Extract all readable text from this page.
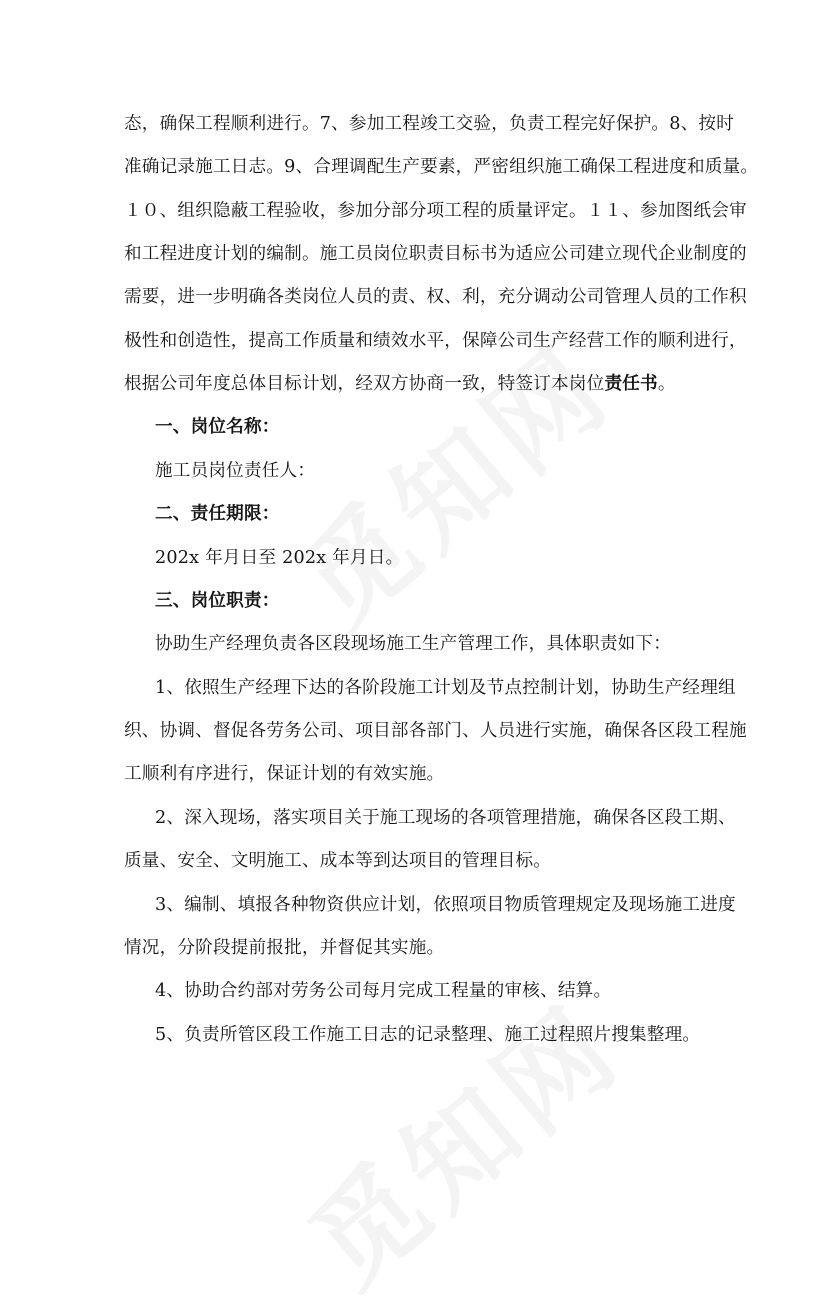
态，确保工程顺利进行。7、参加工程竣工交验，负责工程完好保护。8、按时
准确记录施工日志。9、合理调配生产要素，严密组织施工确保工程进度和质量。
１０、组织隐蔽工程验收，参加分部分项工程的质量评定。１１、参加图纸会审
和工程进度计划的编制。施工员岗位职责目标书为适应公司建立现代企业制度的
需要，进一步明确各类岗位人员的责、权、利，充分调动公司管理人员的工作积
极性和创造性，提高工作质量和绩效水平，保障公司生产经营工作的顺利进行，
根据公司年度总体目标计划，经双方协商一致，特签订本岗位责任书。
一、岗位名称：
施工员岗位责任人：
二、责任期限：
202x 年月日至 202x 年月日。
三、岗位职责：
协助生产经理负责各区段现场施工生产管理工作，具体职责如下：
1、依照生产经理下达的各阶段施工计划及节点控制计划，协助生产经理组
织、协调、督促各劳务公司、项目部各部门、人员进行实施，确保各区段工程施
工顺利有序进行，保证计划的有效实施。
2、深入现场，落实项目关于施工现场的各项管理措施，确保各区段工期、
质量、安全、文明施工、成本等到达项目的管理目标。
3、编制、填报各种物资供应计划，依照项目物质管理规定及现场施工进度
情况，分阶段提前报批，并督促其实施。
4、协助合约部对劳务公司每月完成工程量的审核、结算。
5、负责所管区段工作施工日志的记录整理、施工过程照片搜集整理。
